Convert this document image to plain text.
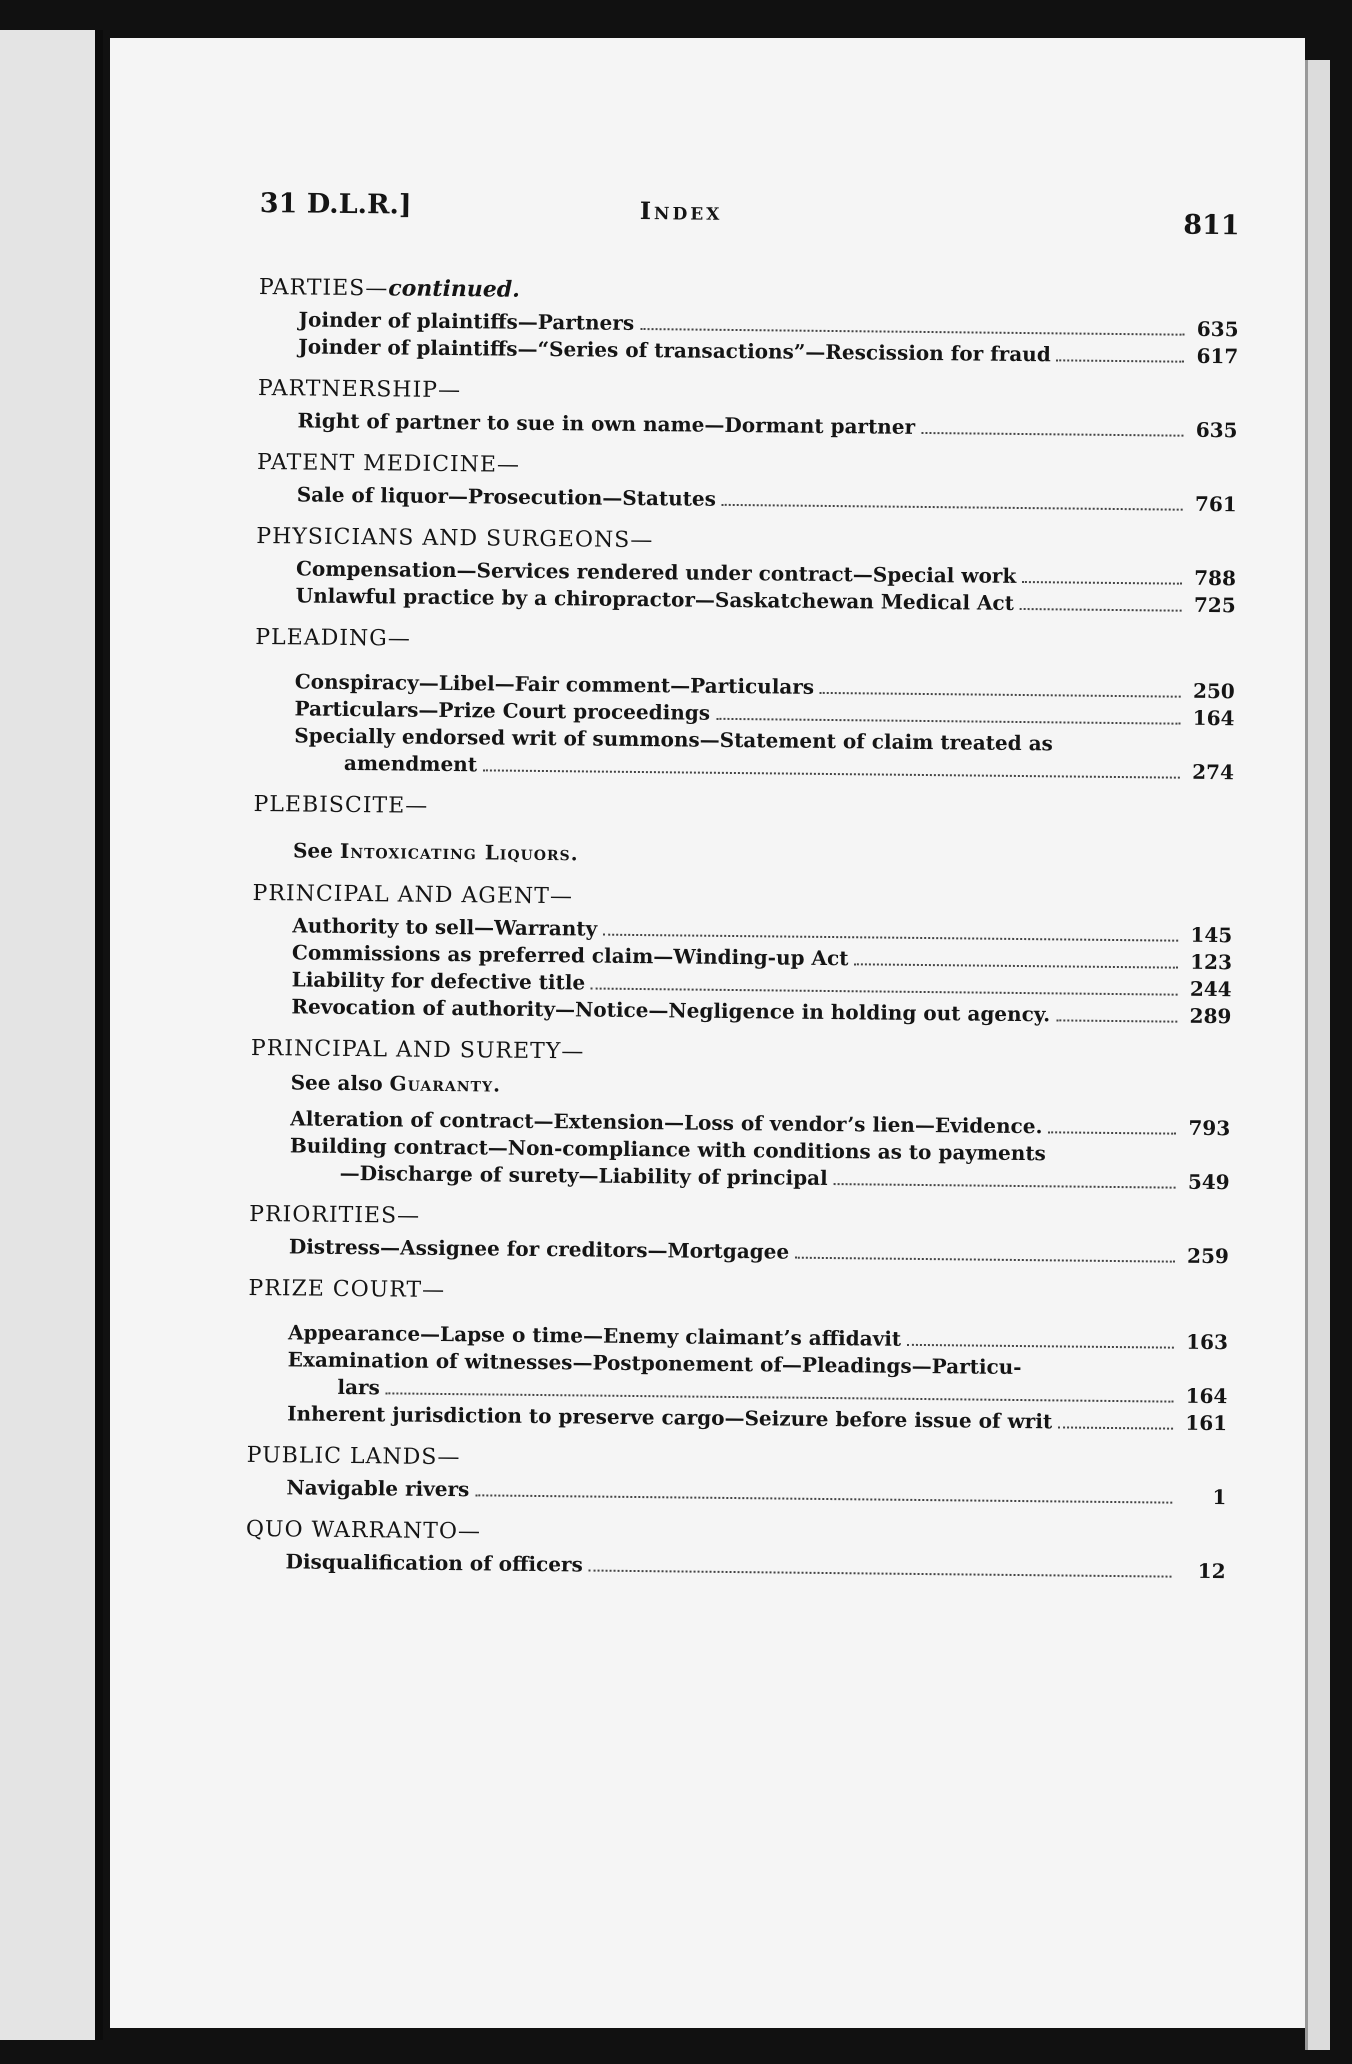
31 D.L.R.]	Index	811
PARTIES—continued.
Joinder of plaintiffs—Partners	635
Joinder of plaintiffs—“Series of transactions”—Rescission for fraud	617
PARTNERSHIP—
Right of partner to sue in own name—Dormant partner	635
PATENT MEDICINE—
Sale of liquor—Prosecution—Statutes	761
PHYSICIANS AND SURGEONS—
Compensation—Services rendered under contract—Special work	788
Unlawful practice by a chiropractor—Saskatchewan Medical Act	725
PLEADING—
Conspiracy—Libel—Fair comment—Particulars	250
Particulars—Prize Court proceedings	164
Specially endorsed writ of summons—Statement of claim treated as
amendment	274
PLEBISCITE—
See Intoxicating Liquors.
PRINCIPAL AND AGENT—
Authority to sell—Warranty	145
Commissions as preferred claim—Winding-up Act	123
Liability for defective title	244
Revocation of authority—Notice—Negligence in holding out agency.	289
PRINCIPAL AND SURETY—
See also Guaranty.
Alteration of contract—Extension—Loss of vendor’s lien—Evidence.	793
Building contract—Non-compliance with conditions as to payments
—Discharge of surety—Liability of principal	549
PRIORITIES—
Distress—Assignee for creditors—Mortgagee	259
PRIZE COURT—
Appearance—Lapse o time—Enemy claimant’s affidavit	163
Examination of witnesses—Postponement of—Pleadings—Particu-
lars	164
Inherent jurisdiction to preserve cargo—Seizure before issue of writ	161
PUBLIC LANDS—
Navigable rivers	1
QUO WARRANTO—
Disqualification of officers	12
